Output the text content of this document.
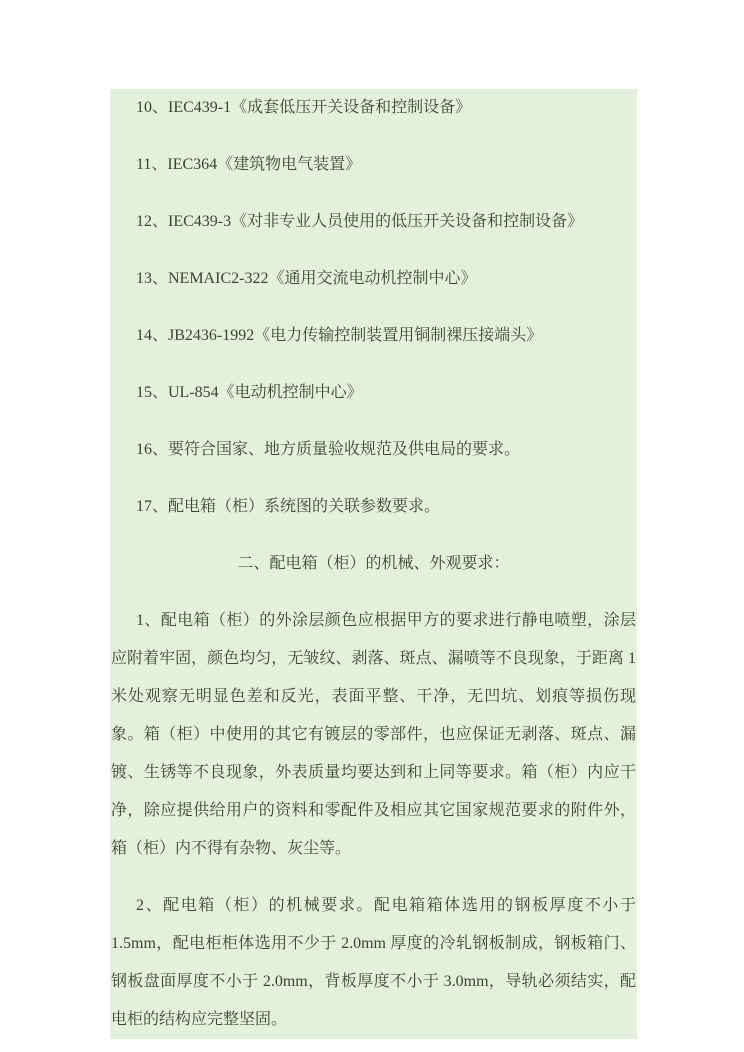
10、IEC439-1《成套低压开关设备和控制设备》

11、IEC364《建筑物电气装置》

12、IEC439-3《对非专业人员使用的低压开关设备和控制设备》

13、NEMAIC2-322《通用交流电动机控制中心》

14、JB2436-1992《电力传输控制装置用铜制裸压接端头》

15、UL-854《电动机控制中心》

16、要符合国家、地方质量验收规范及供电局的要求。

17、配电箱（柜）系统图的关联参数要求。

二、配电箱（柜）的机械、外观要求：

1、配电箱（柜）的外涂层颜色应根据甲方的要求进行静电喷塑，涂层应附着牢固，颜色均匀，无皱纹、剥落、斑点、漏喷等不良现象，于距离 1 米处观察无明显色差和反光，表面平整、干净，无凹坑、划痕等损伤现象。箱（柜）中使用的其它有镀层的零部件，也应保证无剥落、斑点、漏镀、生锈等不良现象，外表质量均要达到和上同等要求。箱（柜）内应干净，除应提供给用户的资料和零配件及相应其它国家规范要求的附件外，箱（柜）内不得有杂物、灰尘等。

2、配电箱（柜）的机械要求。配电箱箱体选用的钢板厚度不小于 1.5mm，配电柜柜体选用不少于 2.0mm 厚度的冷轧钢板制成，钢板箱门、钢板盘面厚度不小于 2.0mm，背板厚度不小于 3.0mm，导轨必须结实，配电柜的结构应完整坚固。
